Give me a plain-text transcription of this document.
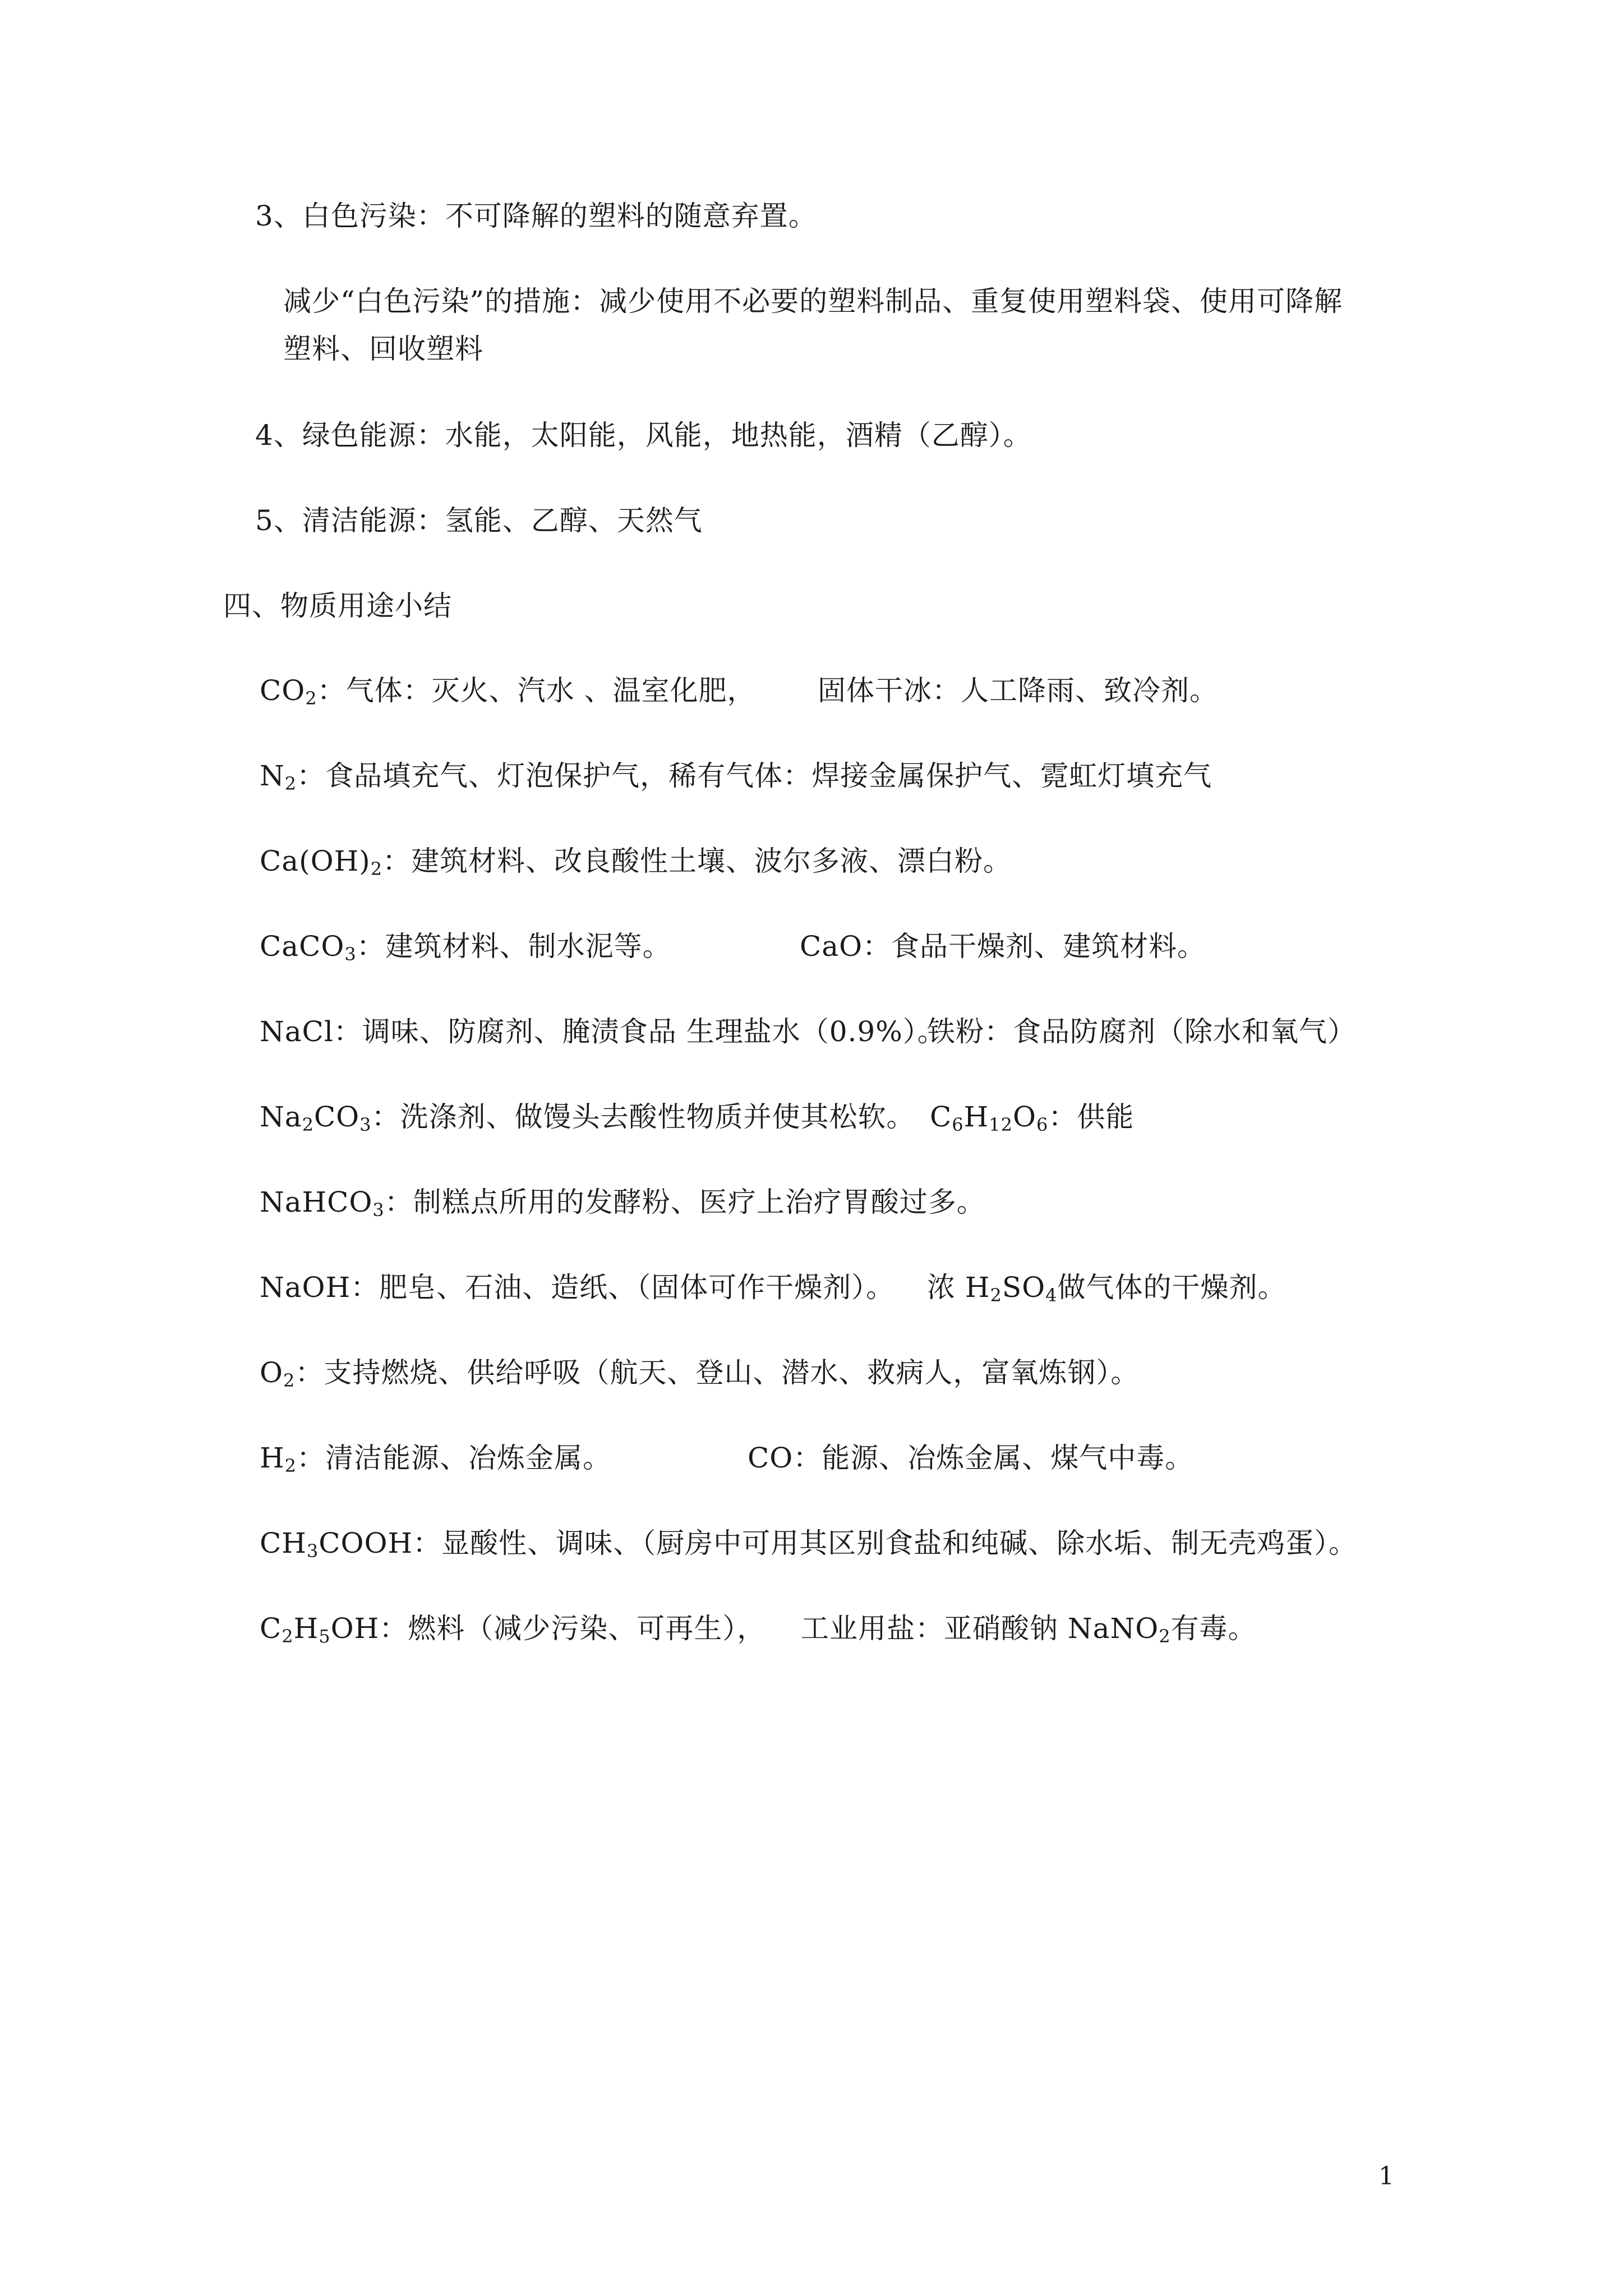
3、白色污染：不可降解的塑料的随意弃置。
减少“白色污染”的措施：减少使用不必要的塑料制品、重复使用塑料袋、使用可降解
塑料、回收塑料
4、绿色能源：水能，太阳能，风能，地热能，酒精（乙醇）。
5、清洁能源：氢能、乙醇、天然气
四、物质用途小结
$CO_2$：气体：灭火、汽水 、温室化肥， 固体干冰：人工降雨、致冷剂。
$N_2$：食品填充气、灯泡保护气，稀有气体：焊接金属保护气、霓虹灯填充气
$Ca(OH)_2$：建筑材料、改良酸性土壤、波尔多液、漂白粉。
CaCO$_3$：建筑材料、制水泥等。	CaO：食品干燥剂、建筑材料。
NaCl：调味、防腐剂、腌渍食品 生理盐水（0.9%）。
铁粉：食品防腐剂（除水和氧气）
$Na_2CO_3$：洗涤剂、做馒头去酸性物质并使其松软。 $C_6H_{12}O_6$：供能
NaHCO$_3$：制糕点所用的发酵粉、医疗上治疗胃酸过多。
NaOH：肥皂、石油、造纸、（固体可作干燥剂）。 浓 $H_2SO_4$做气体的干燥剂。
$O_2$：支持燃烧、供给呼吸（航天、登山、潜水、救病人，富氧炼钢）。
$H_2$：清洁能源、冶炼金属。	CO：能源、冶炼金属、煤气中毒。
$CH_3COOH$：显酸性、调味、（厨房中可用其区别食盐和纯碱、除水垢、制无壳鸡蛋）。
$C_2H_5OH$：燃料（减少污染、可再生）， 工业用盐：亚硝酸钠 NaNO$_2$有毒。
1
